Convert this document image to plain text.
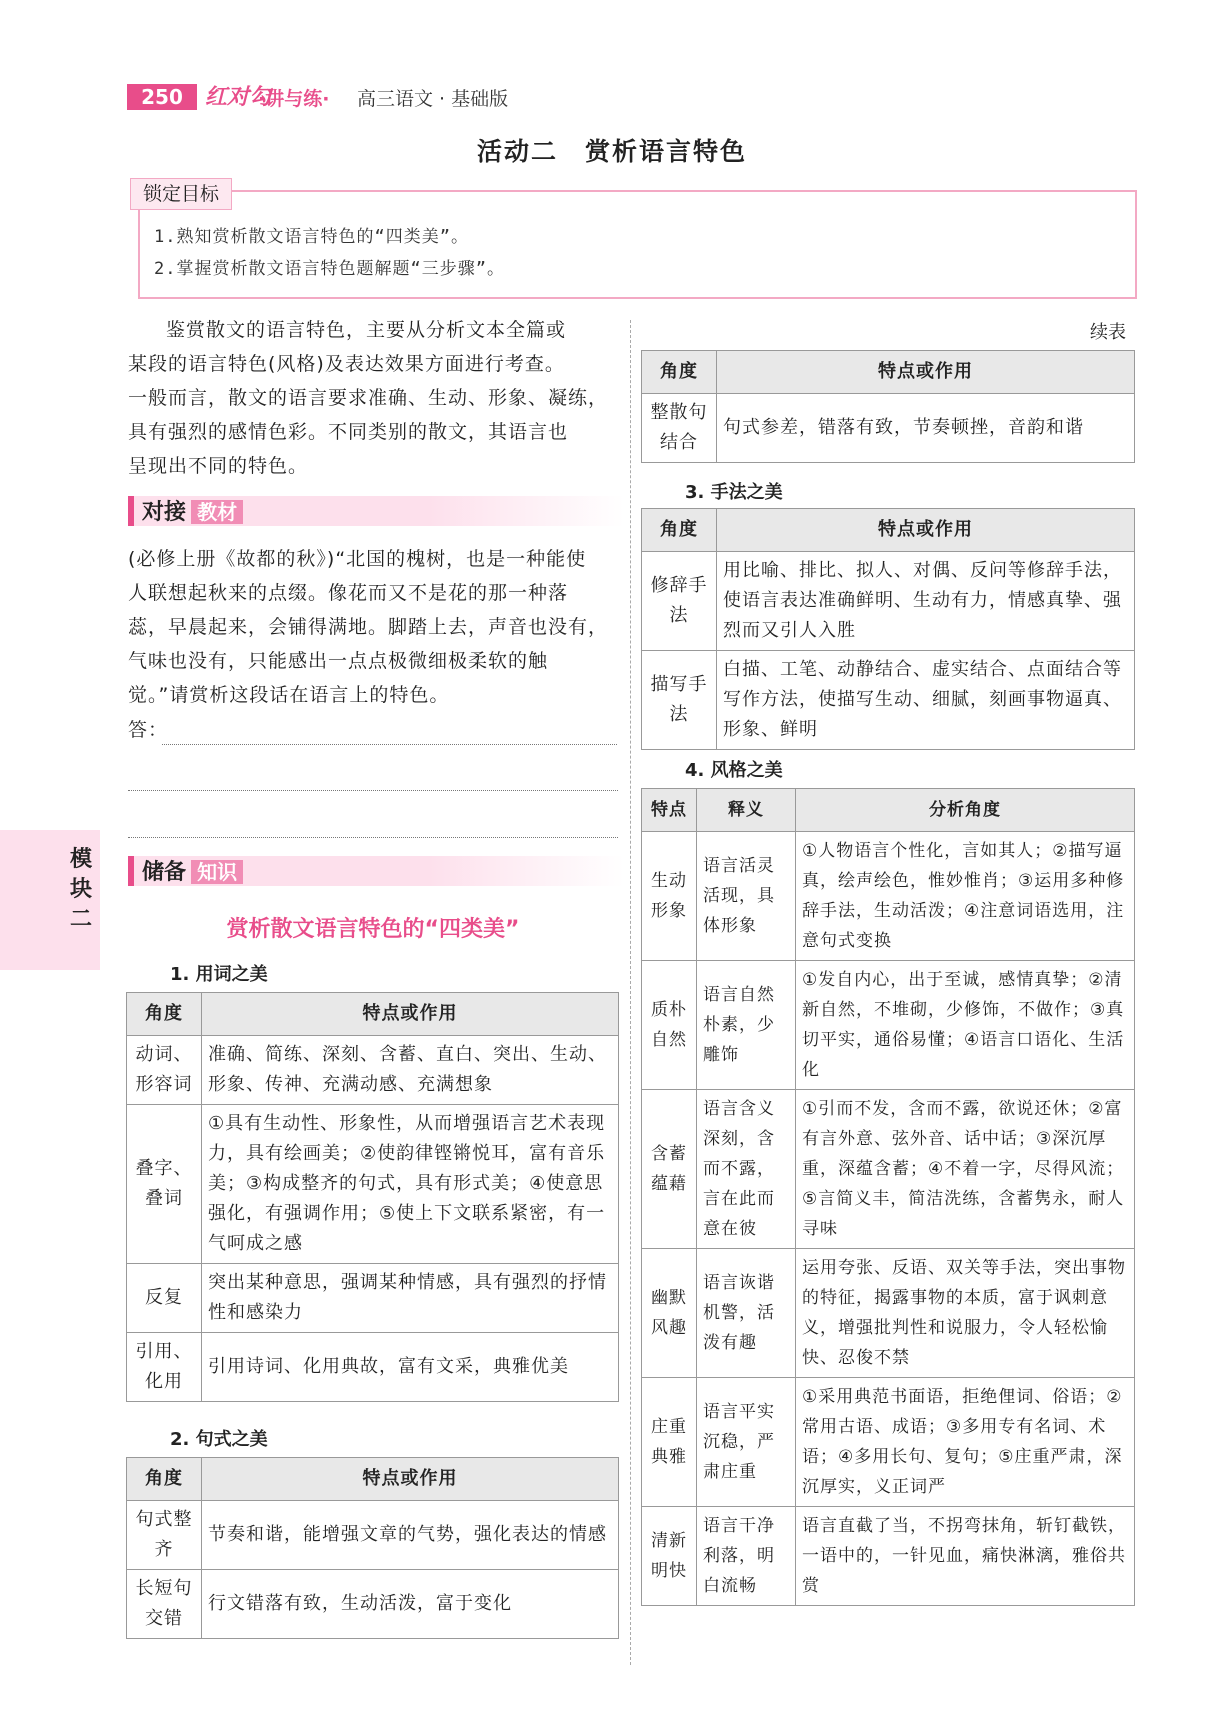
250	红对勾
·讲与练· 高三语文 · 基础版
活动二　赏析语言特色
锁定目标
1.熟知赏析散文语言特色的“四类美”。
2.掌握赏析散文语言特色题解题“三步骤”。
鉴赏散文的语言特色，主要从分析文本全篇或
某段的语言特色(风格)及表达效果方面进行考查。
一般而言，散文的语言要求准确、生动、形象、凝练，
具有强烈的感情色彩。不同类别的散文，其语言也
呈现出不同的特色。
对接 教材
(必修上册《故都的秋》)“北国的槐树，也是一种能使
人联想起秋来的点缀。像花而又不是花的那一种落
蕊，早晨起来，会铺得满地。脚踏上去，声音也没有，
气味也没有，只能感出一点点极微细极柔软的触
觉。”请赏析这段话在语言上的特色。
答：
模块二
储备 知识
赏析散文语言特色的“四类美”
1. 用词之美
角度	特点或作用
动词、形容词	准确、简练、深刻、含蓄、直白、突出、生动、形象、传神、充满动感、充满想象
叠字、叠词	①具有生动性、形象性，从而增强语言艺术表现力，具有绘画美；②使韵律铿锵悦耳，富有音乐美；③构成整齐的句式，具有形式美；④使意思强化，有强调作用；⑤使上下文联系紧密，有一气呵成之感
反复	突出某种意思，强调某种情感，具有强烈的抒情性和感染力
引用、化用	引用诗词、化用典故，富有文采，典雅优美
2. 句式之美
角度	特点或作用
句式整齐	节奏和谐，能增强文章的气势，强化表达的情感
长短句交错	行文错落有致，生动活泼，富于变化
续表
角度	特点或作用
整散句结合	句式参差，错落有致，节奏顿挫，音韵和谐
3. 手法之美
角度	特点或作用
修辞手法	用比喻、排比、拟人、对偶、反问等修辞手法，使语言表达准确鲜明、生动有力，情感真挚、强烈而又引人入胜
描写手法	白描、工笔、动静结合、虚实结合、点面结合等写作方法，使描写生动、细腻，刻画事物逼真、形象、鲜明
4. 风格之美
特点	释义	分析角度
生动形象	语言活灵活现，具体形象	①人物语言个性化，言如其人；②描写逼真，绘声绘色，惟妙惟肖；③运用多种修辞手法，生动活泼；④注意词语选用，注意句式变换
质朴自然	语言自然朴素，少雕饰	①发自内心，出于至诚，感情真挚；②清新自然，不堆砌，少修饰，不做作；③真切平实，通俗易懂；④语言口语化、生活化
含蓄蕴藉	语言含义深刻，含而不露，言在此而意在彼	①引而不发，含而不露，欲说还休；②富有言外意、弦外音、话中话；③深沉厚重，深蕴含蓄；④不着一字，尽得风流；⑤言简义丰，简洁洗练，含蓄隽永，耐人寻味
幽默风趣	语言诙谐机警，活泼有趣	运用夸张、反语、双关等手法，突出事物的特征，揭露事物的本质，富于讽刺意义，增强批判性和说服力，令人轻松愉快、忍俊不禁
庄重典雅	语言平实沉稳，严肃庄重	①采用典范书面语，拒绝俚词、俗语；②常用古语、成语；③多用专有名词、术语；④多用长句、复句；⑤庄重严肃，深沉厚实，义正词严
清新明快	语言干净利落，明白流畅	语言直截了当，不拐弯抹角，斩钉截铁，一语中的，一针见血，痛快淋漓，雅俗共赏
